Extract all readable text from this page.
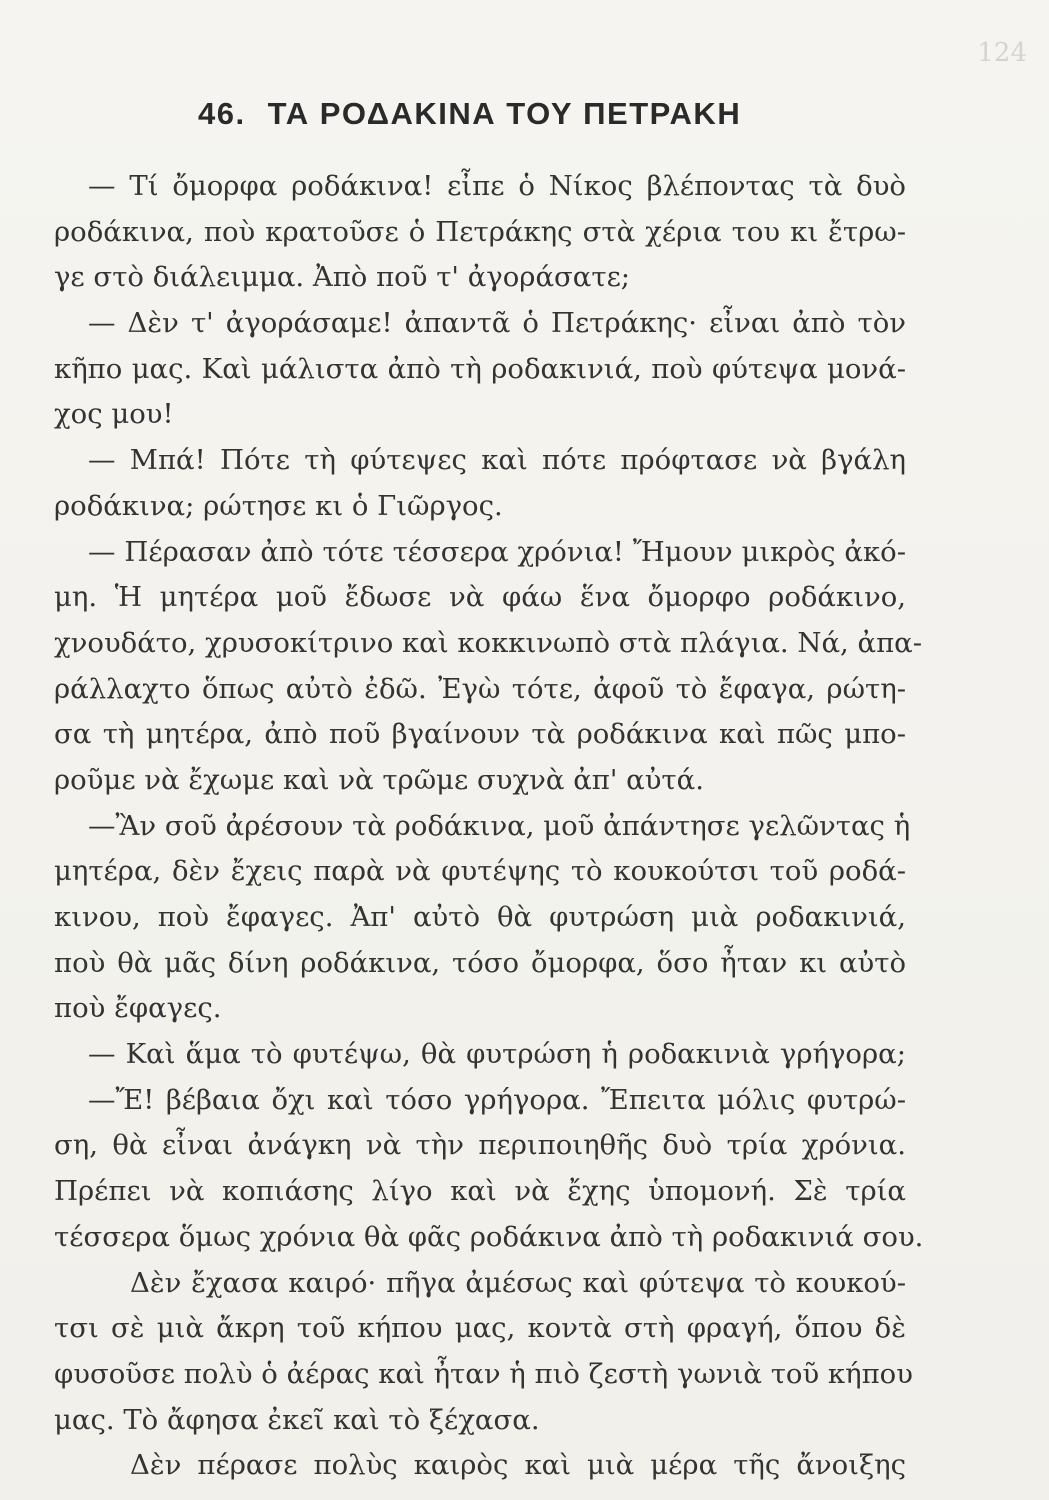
124
46. ΤΑ ΡΟΔΑΚΙΝΑ ΤΟΥ ΠΕΤΡΑΚΗ
— Τί ὄμορφα ροδάκινα! εἶπε ὁ Νίκος βλέποντας τὰ δυὸ
ροδάκινα, ποὺ κρατοῦσε ὁ Πετράκης στὰ χέρια του κι ἔτρω-
γε στὸ διάλειμμα. Ἀπὸ ποῦ τ' ἀγοράσατε;
— Δὲν τ' ἀγοράσαμε! ἀπαντᾶ ὁ Πετράκης· εἶναι ἀπὸ τὸν
κῆπο μας. Καὶ μάλιστα ἀπὸ τὴ ροδακινιά, ποὺ φύτεψα μονά-
χος μου!
— Μπά! Πότε τὴ φύτεψες καὶ πότε πρόφτασε νὰ βγάλη
ροδάκινα; ρώτησε κι ὁ Γιῶργος.
— Πέρασαν ἀπὸ τότε τέσσερα χρόνια! Ἤμουν μικρὸς ἀκό-
μη. Ἡ μητέρα μοῦ ἔδωσε νὰ φάω ἕνα ὄμορφο ροδάκινο,
χνουδάτο, χρυσοκίτρινο καὶ κοκκινωπὸ στὰ πλάγια. Νά, ἀπα-
ράλλαχτο ὅπως αὐτὸ ἐδῶ. Ἐγὼ τότε, ἀφοῦ τὸ ἔφαγα, ρώτη-
σα τὴ μητέρα, ἀπὸ ποῦ βγαίνουν τὰ ροδάκινα καὶ πῶς μπο-
ροῦμε νὰ ἔχωμε καὶ νὰ τρῶμε συχνὰ ἀπ' αὐτά.
—Ἂν σοῦ ἀρέσουν τὰ ροδάκινα, μοῦ ἀπάντησε γελῶντας ἡ
μητέρα, δὲν ἔχεις παρὰ νὰ φυτέψης τὸ κουκούτσι τοῦ ροδά-
κινου, ποὺ ἔφαγες. Ἀπ' αὐτὸ θὰ φυτρώση μιὰ ροδακινιά,
ποὺ θὰ μᾶς δίνη ροδάκινα, τόσο ὄμορφα, ὅσο ἦταν κι αὐτὸ
ποὺ ἔφαγες.
— Καὶ ἅμα τὸ φυτέψω, θὰ φυτρώση ἡ ροδακινιὰ γρήγορα;
—Ἔ! βέβαια ὄχι καὶ τόσο γρήγορα. Ἔπειτα μόλις φυτρώ-
ση, θὰ εἶναι ἀνάγκη νὰ τὴν περιποιηθῆς δυὸ τρία χρόνια.
Πρέπει νὰ κοπιάσης λίγο καὶ νὰ ἔχης ὑπομονή. Σὲ τρία
τέσσερα ὅμως χρόνια θὰ φᾶς ροδάκινα ἀπὸ τὴ ροδακινιά σου.
Δὲν ἔχασα καιρό· πῆγα ἀμέσως καὶ φύτεψα τὸ κουκού-
τσι σὲ μιὰ ἄκρη τοῦ κήπου μας, κοντὰ στὴ φραγή, ὅπου δὲ
φυσοῦσε πολὺ ὁ ἀέρας καὶ ἦταν ἡ πιὸ ζεστὴ γωνιὰ τοῦ κήπου
μας. Τὸ ἄφησα ἐκεῖ καὶ τὸ ξέχασα.
Δὲν πέρασε πολὺς καιρὸς καὶ μιὰ μέρα τῆς ἄνοιξης
